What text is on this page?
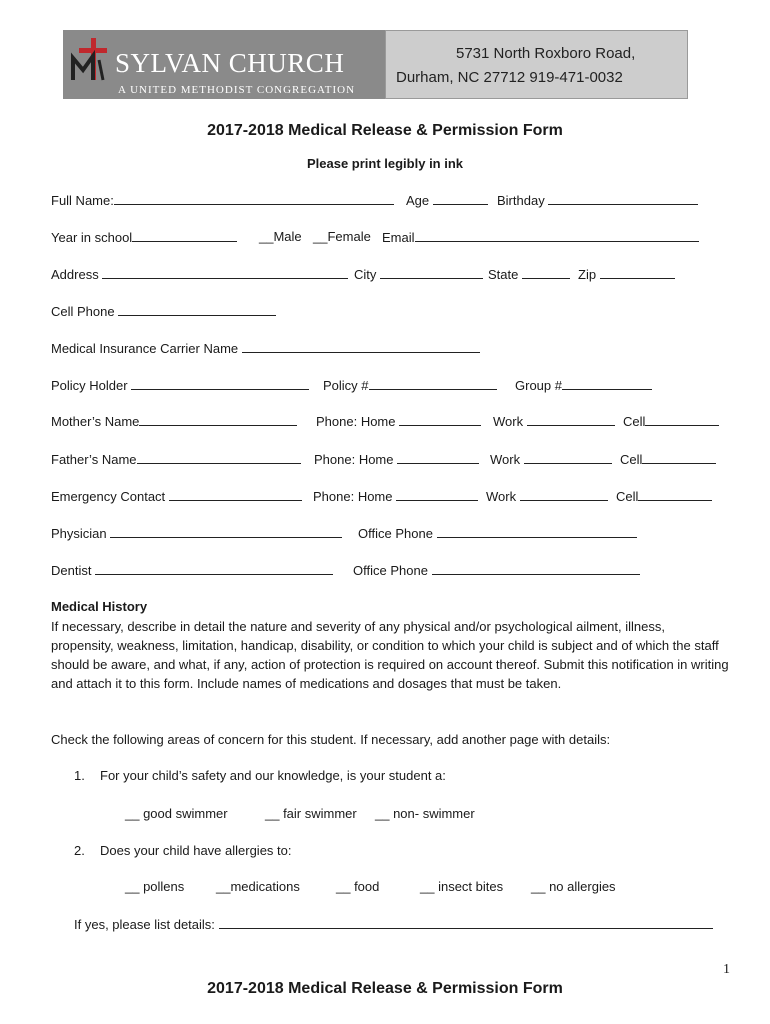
SYLVAN CHURCH
A UNITED METHODIST CONGREGATION
5731 North Roxboro Road,
Durham, NC 27712 919-471-0032
2017-2018 Medical Release & Permission Form
Please print legibly in ink
Full Name:	Age	Birthday
Year in school	__Male __Female Email
Address	City	State	Zip
Cell Phone
Medical Insurance Carrier Name
Policy Holder	Policy #	Group #
Mother’s Name	Phone: Home	Work	Cell
Father’s Name	Phone: Home	Work	Cell
Emergency Contact	Phone: Home	Work	Cell
Physician	Office Phone
Dentist	Office Phone
Medical History
If necessary, describe in detail the nature and severity of any physical and/or psychological ailment, illness, propensity, weakness, limitation, handicap, disability, or condition to which your child is subject and of which the staff should be aware, and what, if any, action of protection is required on account thereof. Submit this notification in writing and attach it to this form. Include names of medications and dosages that must be taken.
Check the following areas of concern for this student. If necessary, add another page with details:
1. For your child’s safety and our knowledge, is your student a:
__ good swimmer	__ fair swimmer __ non- swimmer
2. Does your child have allergies to:
__ pollens __medications	__ food	__ insect bites __ no allergies
If yes, please list details:
1
2017-2018 Medical Release & Permission Form
